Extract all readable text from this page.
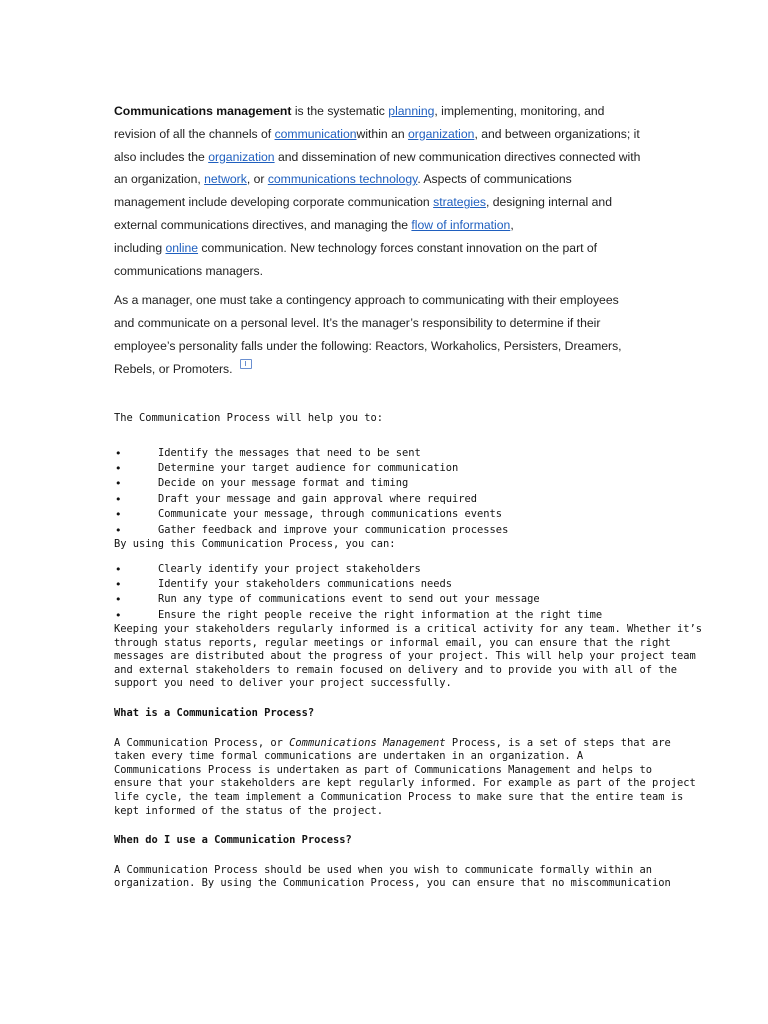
Communications management is the systematic planning, implementing, monitoring, and
revision of all the channels of communicationwithin an organization, and between organizations; it
also includes the organization and dissemination of new communication directives connected with
an organization, network, or communications technology. Aspects of communications
management include developing corporate communication strategies, designing internal and
external communications directives, and managing the flow of information,
including online communication. New technology forces constant innovation on the part of
communications managers.

As a manager, one must take a contingency approach to communicating with their employees
and communicate on a personal level. It’s the manager’s responsibility to determine if their
employee’s personality falls under the following: Reactors, Workaholics, Persisters, Dreamers,
Rebels, or Promoters.

The Communication Process will help you to:
•	Identify the messages that need to be sent
•	Determine your target audience for communication
•	Decide on your message format and timing
•	Draft your message and gain approval where required
•	Communicate your message, through communications events
•	Gather feedback and improve your communication processes
By using this Communication Process, you can:
•	Clearly identify your project stakeholders
•	Identify your stakeholders communications needs
•	Run any type of communications event to send out your message
•	Ensure the right people receive the right information at the right time
Keeping your stakeholders regularly informed is a critical activity for any team. Whether it’s
through status reports, regular meetings or informal email, you can ensure that the right
messages are distributed about the progress of your project. This will help your project team
and external stakeholders to remain focused on delivery and to provide you with all of the
support you need to deliver your project successfully.
What is a Communication Process?
A Communication Process, or Communications Management Process, is a set of steps that are
taken every time formal communications are undertaken in an organization. A
Communications Process is undertaken as part of Communications Management and helps to
ensure that your stakeholders are kept regularly informed. For example as part of the project
life cycle, the team implement a Communication Process to make sure that the entire team is
kept informed of the status of the project.
When do I use a Communication Process?
A Communication Process should be used when you wish to communicate formally within an
organization. By using the Communication Process, you can ensure that no miscommunication
